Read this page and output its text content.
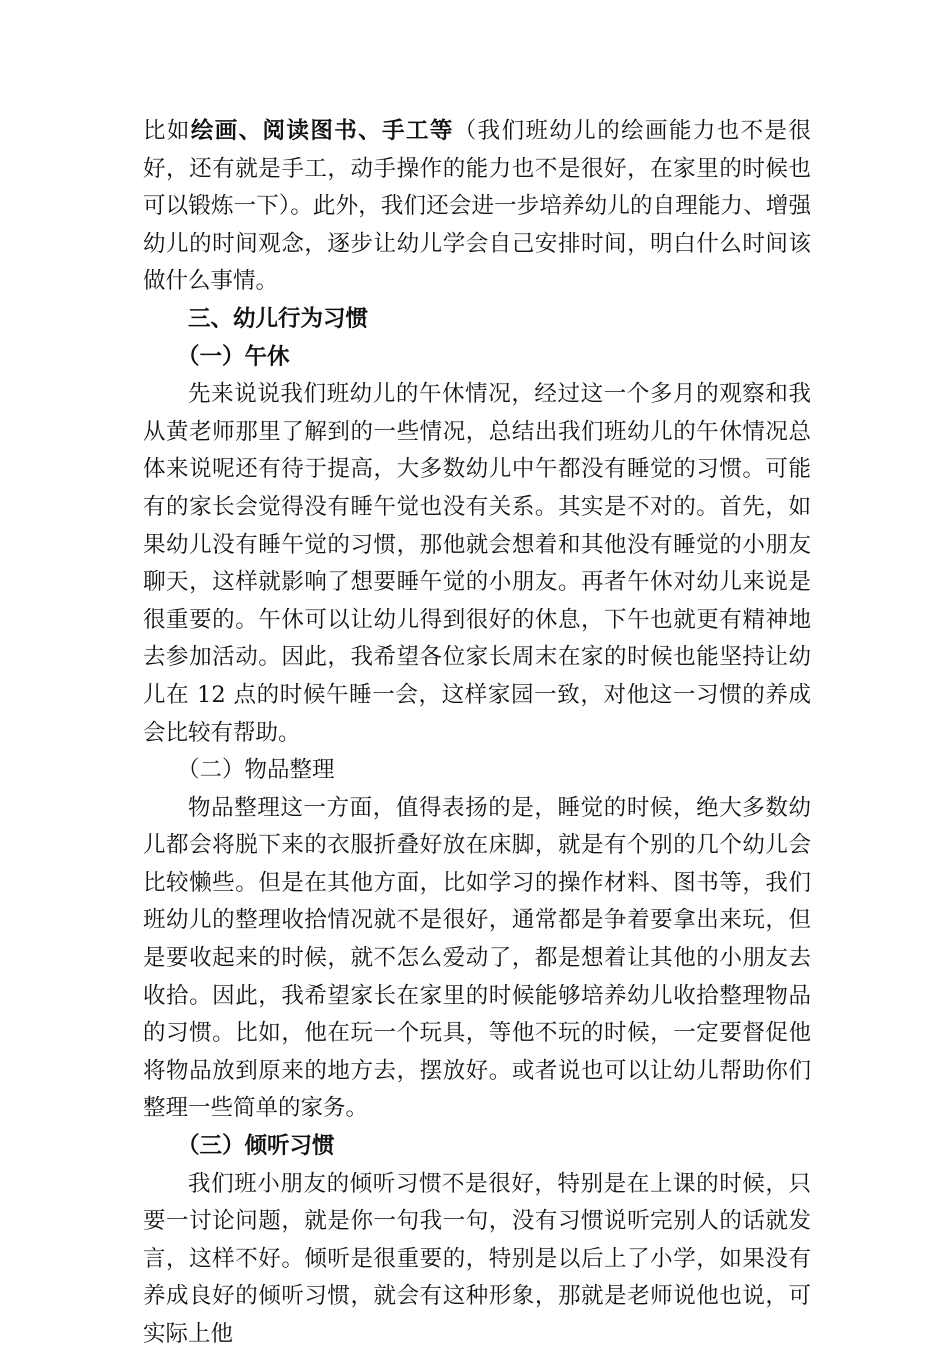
比如绘画、阅读图书、手工等（我们班幼儿的绘画能力也不是很好，还有就是手工，动手操作的能力也不是很好，在家里的时候也可以锻炼一下）。此外，我们还会进一步培养幼儿的自理能力、增强幼儿的时间观念，逐步让幼儿学会自己安排时间，明白什么时间该做什么事情。

三、幼儿行为习惯

（一）午休

先来说说我们班幼儿的午休情况，经过这一个多月的观察和我从黄老师那里了解到的一些情况，总结出我们班幼儿的午休情况总体来说呢还有待于提高，大多数幼儿中午都没有睡觉的习惯。可能有的家长会觉得没有睡午觉也没有关系。其实是不对的。首先，如果幼儿没有睡午觉的习惯，那他就会想着和其他没有睡觉的小朋友聊天，这样就影响了想要睡午觉的小朋友。再者午休对幼儿来说是很重要的。午休可以让幼儿得到很好的休息，下午也就更有精神地去参加活动。因此，我希望各位家长周末在家的时候也能坚持让幼儿在 12 点的时候午睡一会，这样家园一致，对他这一习惯的养成会比较有帮助。

（二）物品整理

物品整理这一方面，值得表扬的是，睡觉的时候，绝大多数幼儿都会将脱下来的衣服折叠好放在床脚，就是有个别的几个幼儿会比较懒些。但是在其他方面，比如学习的操作材料、图书等，我们班幼儿的整理收拾情况就不是很好，通常都是争着要拿出来玩，但是要收起来的时候，就不怎么爱动了，都是想着让其他的小朋友去收拾。因此，我希望家长在家里的时候能够培养幼儿收拾整理物品的习惯。比如，他在玩一个玩具，等他不玩的时候，一定要督促他将物品放到原来的地方去，摆放好。或者说也可以让幼儿帮助你们整理一些简单的家务。

（三）倾听习惯

我们班小朋友的倾听习惯不是很好，特别是在上课的时候，只要一讨论问题，就是你一句我一句，没有习惯说听完别人的话就发言，这样不好。倾听是很重要的，特别是以后上了小学，如果没有养成良好的倾听习惯，就会有这种形象，那就是老师说他也说，可实际上他
